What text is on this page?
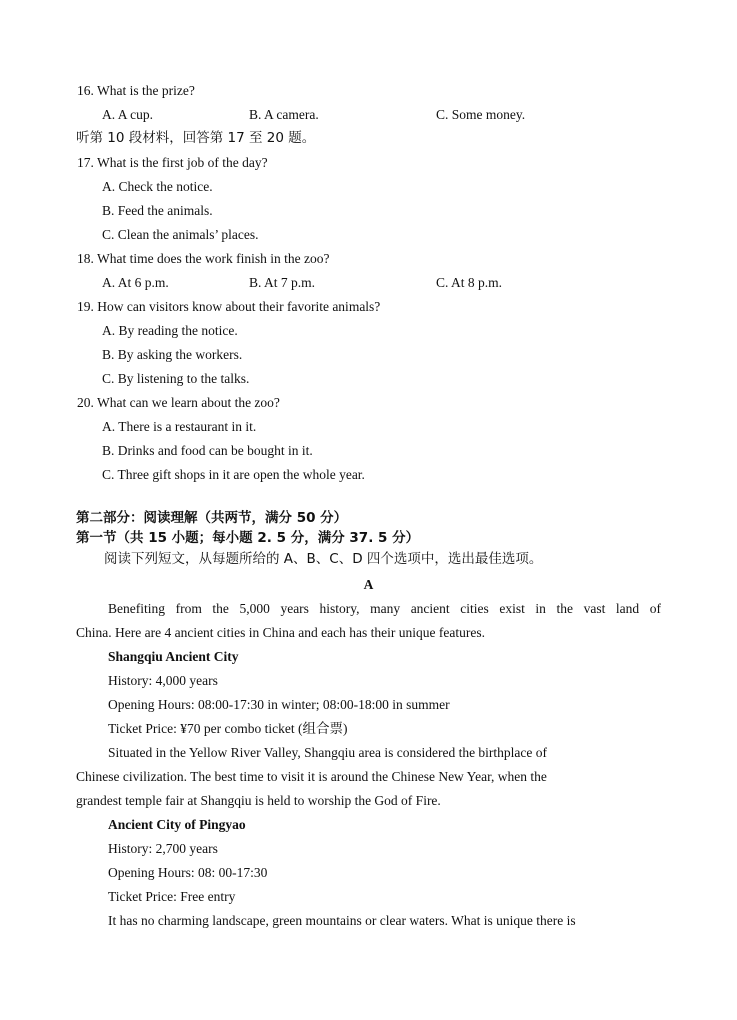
16. What is the prize?
A. A cup.	B. A camera.	C. Some money.
听第 10 段材料，回答第 17 至 20 题。
17. What is the first job of the day?
A. Check the notice.
B. Feed the animals.
C. Clean the animals’ places.
18. What time does the work finish in the zoo?
A. At 6 p.m.	B. At 7 p.m.	C. At 8 p.m.
19. How can visitors know about their favorite animals?
A. By reading the notice.
B. By asking the workers.
C. By listening to the talks.
20. What can we learn about the zoo?
A. There is a restaurant in it.
B. Drinks and food can be bought in it.
C. Three gift shops in it are open the whole year.
第二部分：阅读理解（共两节，满分 50 分）
第一节（共 15 小题；每小题 2. 5 分，满分 37. 5 分）
阅读下列短文，从每题所给的 A、B、C、D 四个选项中，选出最佳选项。
A
Benefiting from the 5,000 years history, many ancient cities exist in the vast land of
China. Here are 4 ancient cities in China and each has their unique features.
Shangqiu Ancient City
History: 4,000 years
Opening Hours: 08:00-17:30 in winter; 08:00-18:00 in summer
Ticket Price: ¥70 per combo ticket (组合票)
Situated in the Yellow River Valley, Shangqiu area is considered the birthplace of
Chinese civilization. The best time to visit it is around the Chinese New Year, when the
grandest temple fair at Shangqiu is held to worship the God of Fire.
Ancient City of Pingyao
History: 2,700 years
Opening Hours: 08: 00-17:30
Ticket Price: Free entry
It has no charming landscape, green mountains or clear waters. What is unique there is
